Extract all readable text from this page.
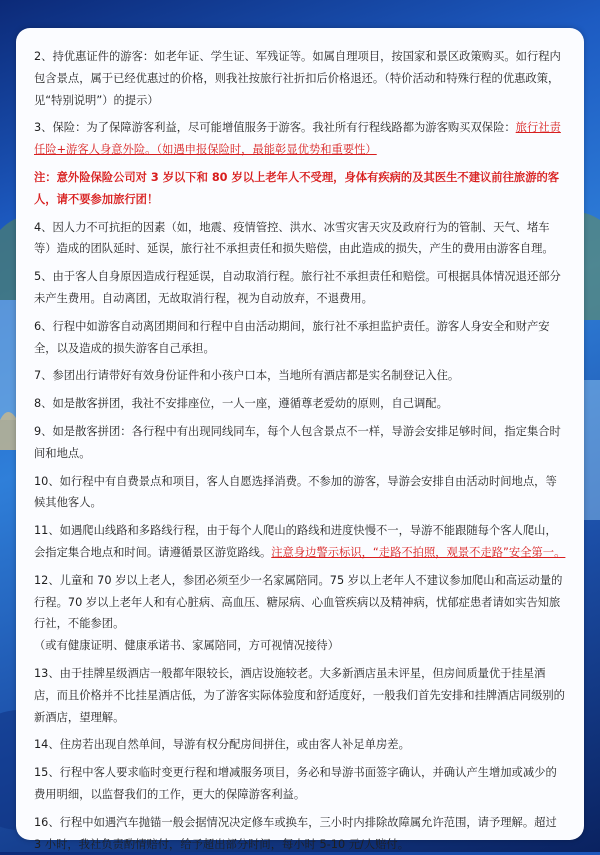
2、持优惠证件的游客：如老年证、学生证、军残证等。如属自理项目，按国家和景区政策购买。如行程内包含景点，属于已经优惠过的价格，则我社按旅行社折扣后价格退还。（特价活动和特殊行程的优惠政策，见“特别说明”）的提示）

3、保险：为了保障游客利益，尽可能增值服务于游客。我社所有行程线路都为游客购买双保险：旅行社责任险+游客人身意外险。（如遇申报保险时，最能彰显优势和重要性）

注：意外险保险公司对 3 岁以下和 80 岁以上老年人不受理，身体有疾病的及其医生不建议前往旅游的客人，请不要参加旅行团！

4、因人力不可抗拒的因素（如，地震、疫情管控、洪水、冰雪灾害天灾及政府行为的管制、天气、堵车等）造成的团队延时、延误，旅行社不承担责任和损失赔偿，由此造成的损失，产生的费用由游客自理。

5、由于客人自身原因造成行程延误，自动取消行程。旅行社不承担责任和赔偿。可根据具体情况退还部分未产生费用。自动离团，无故取消行程，视为自动放弃，不退费用。

6、行程中如游客自动离团期间和行程中自由活动期间，旅行社不承担监护责任。游客人身安全和财产安全，以及造成的损失游客自己承担。

7、参团出行请带好有效身份证件和小孩户口本，当地所有酒店都是实名制登记入住。

8、如是散客拼团，我社不安排座位，一人一座，遵循尊老爱幼的原则，自己调配。

9、如是散客拼团：各行程中有出现同线同车，每个人包含景点不一样，导游会安排足够时间，指定集合时间和地点。

10、如行程中有自费景点和项目，客人自愿选择消费。不参加的游客，导游会安排自由活动时间地点，等候其他客人。

11、如遇爬山线路和多路线行程，由于每个人爬山的路线和进度快慢不一，导游不能跟随每个客人爬山，会指定集合地点和时间。请遵循景区游览路线。注意身边警示标识，“走路不拍照，观景不走路”安全第一。

12、儿童和 70 岁以上老人，参团必须至少一名家属陪同。75 岁以上老年人不建议参加爬山和高运动量的行程。70 岁以上老年人和有心脏病、高血压、糖尿病、心血管疾病以及精神病，忧郁症患者请如实告知旅行社，不能参团。
（或有健康证明、健康承诺书、家属陪同，方可视情况接待）

13、由于挂牌星级酒店一般都年限较长，酒店设施较老。大多新酒店虽未评星，但房间质量优于挂星酒店，而且价格并不比挂星酒店低，为了游客实际体验度和舒适度好，一般我们首先安排和挂牌酒店同级别的新酒店，望理解。

14、住房若出现自然单间，导游有权分配房间拼住，或由客人补足单房差。

15、行程中客人要求临时变更行程和增减服务项目，务必和导游书面签字确认，并确认产生增加或减少的费用明细，以监督我们的工作，更大的保障游客利益。

16、行程中如遇汽车抛锚一般会据情况决定修车或换车，三小时内排除故障属允许范围，请予理解。超过 3 小时，我社负责酌情赔付，给予超出部分时间，每小时 5-10 元/人赔付。
